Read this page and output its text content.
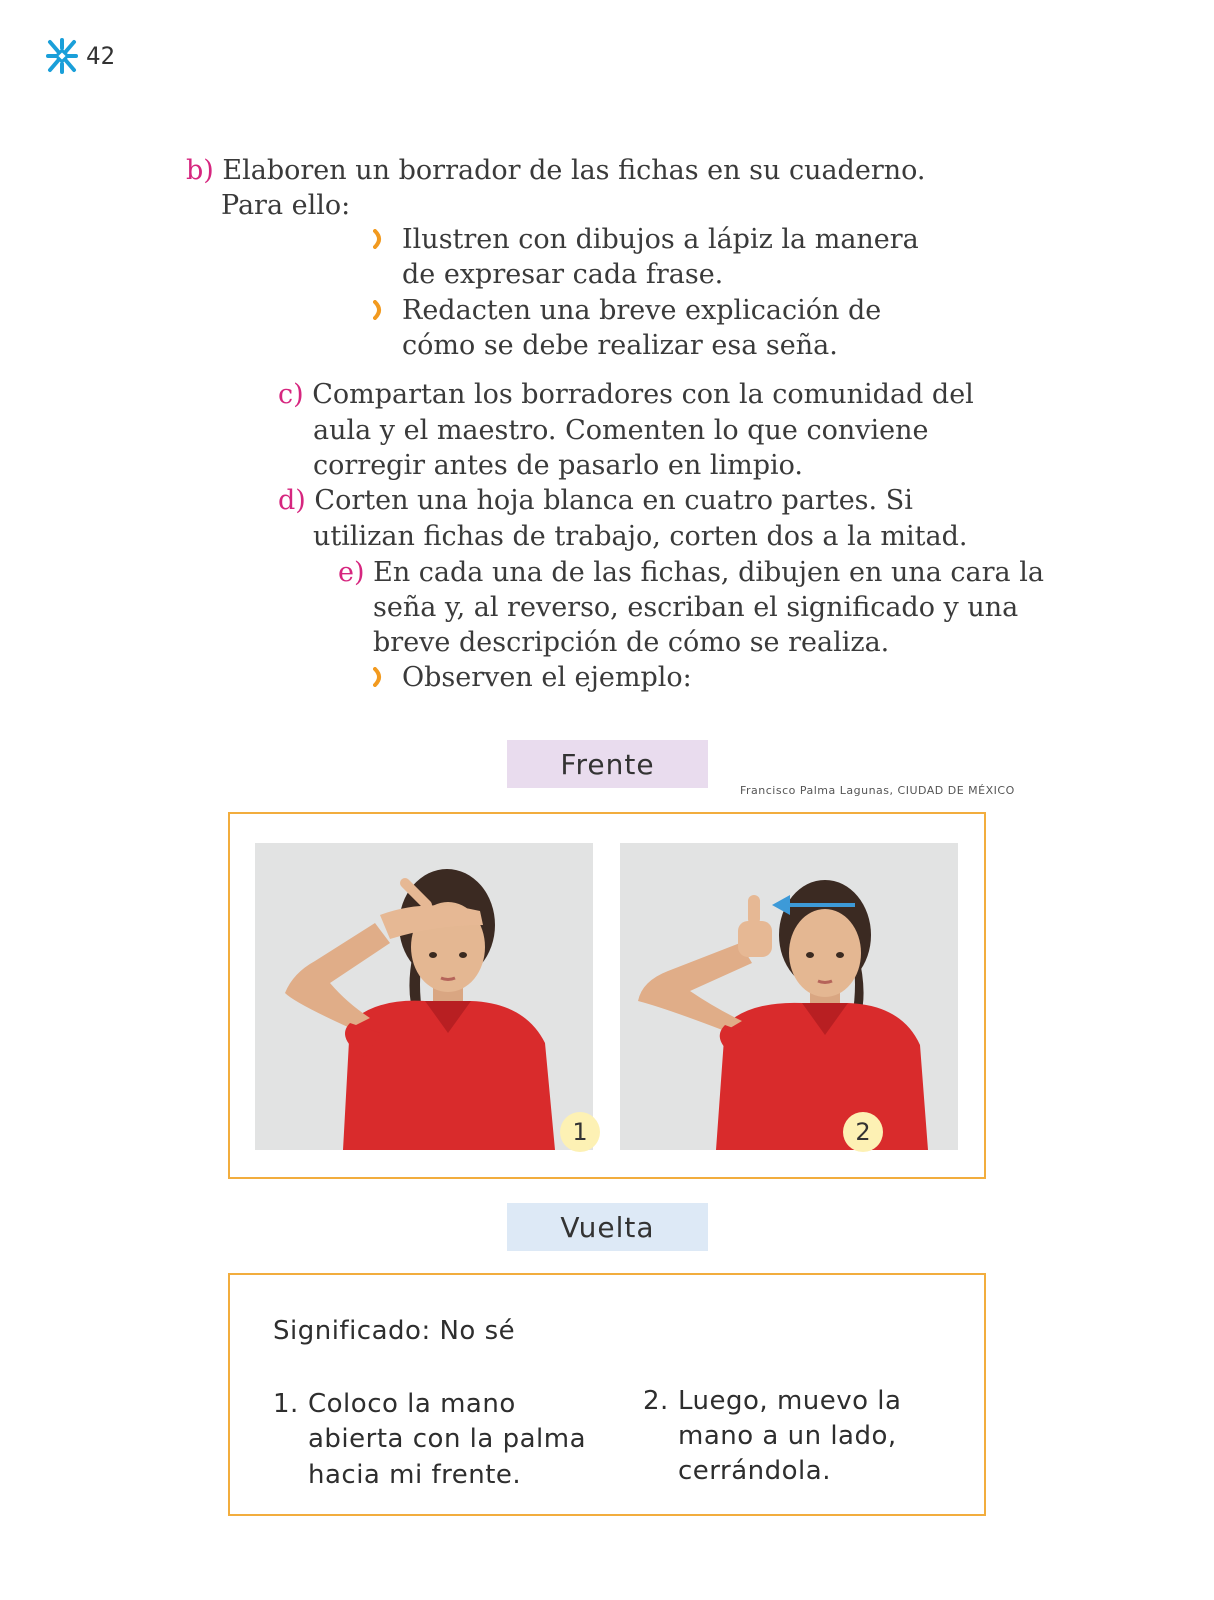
42
b) Elaboren un borrador de las fichas en su cuaderno.
Para ello:
Ilustren con dibujos a lápiz la manera
de expresar cada frase.
Redacten una breve explicación de
cómo se debe realizar esa seña.
c) Compartan los borradores con la comunidad del
aula y el maestro. Comenten lo que conviene
corregir antes de pasarlo en limpio.
d) Corten una hoja blanca en cuatro partes. Si
utilizan fichas de trabajo, corten dos a la mitad.
e) En cada una de las fichas, dibujen en una cara la
seña y, al reverso, escriban el significado y una
breve descripción de cómo se realiza.
Observen el ejemplo:
Frente
Francisco Palma Lagunas, CIUDAD DE MÉXICO
1	2
Vuelta
Significado: No sé
1. Coloco la mano
abierta con la palma
hacia mi frente.
2. Luego, muevo la
mano a un lado,
cerrándola.
